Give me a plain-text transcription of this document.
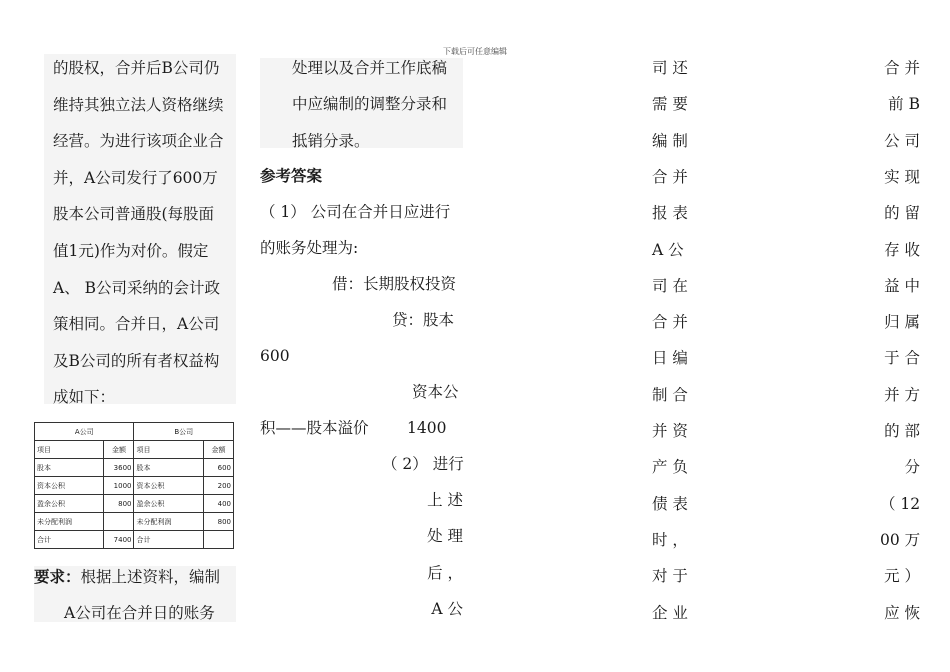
下载后可任意编辑
的股权，合并后B公司仍
维持其独立法人资格继续
经营。为进行该项企业合
并，A公司发行了600万
股本公司普通股(每股面
值1元)作为对价。假定
A、 B公司采纳的会计政
策相同。合并日，A公司
及B公司的所有者权益构
成如下：
A公司		B公司	
项目	金额	项目	金额
股本	3600	股本	600
资本公积	1000	资本公积	200
盈余公积	800	盈余公积	400
未分配利润		未分配利润	800
合计	7400	合计	
要求：根据上述资料，编制
A公司在合并日的账务
处理以及合并工作底稿
中应编制的调整分录和
抵销分录。
参考答案
（ 1） 公司在合并日应进行
的账务处理为:
借：长期股权投资
贷：股本
600
资本公
积——股本溢价 1400
（ 2） 进行
上 述
处 理
后 ，
A 公
司 还
需 要
编 制
合 并
报 表
A 公
司 在
合 并
日 编
制 合
并 资
产 负
债 表
时 ，
对 于
企 业
合 并
前 B
公 司
实 现
的 留
存 收
益 中
归 属
于 合
并 方
的 部
分
（ 12
00 万
元 ）
应 恢
